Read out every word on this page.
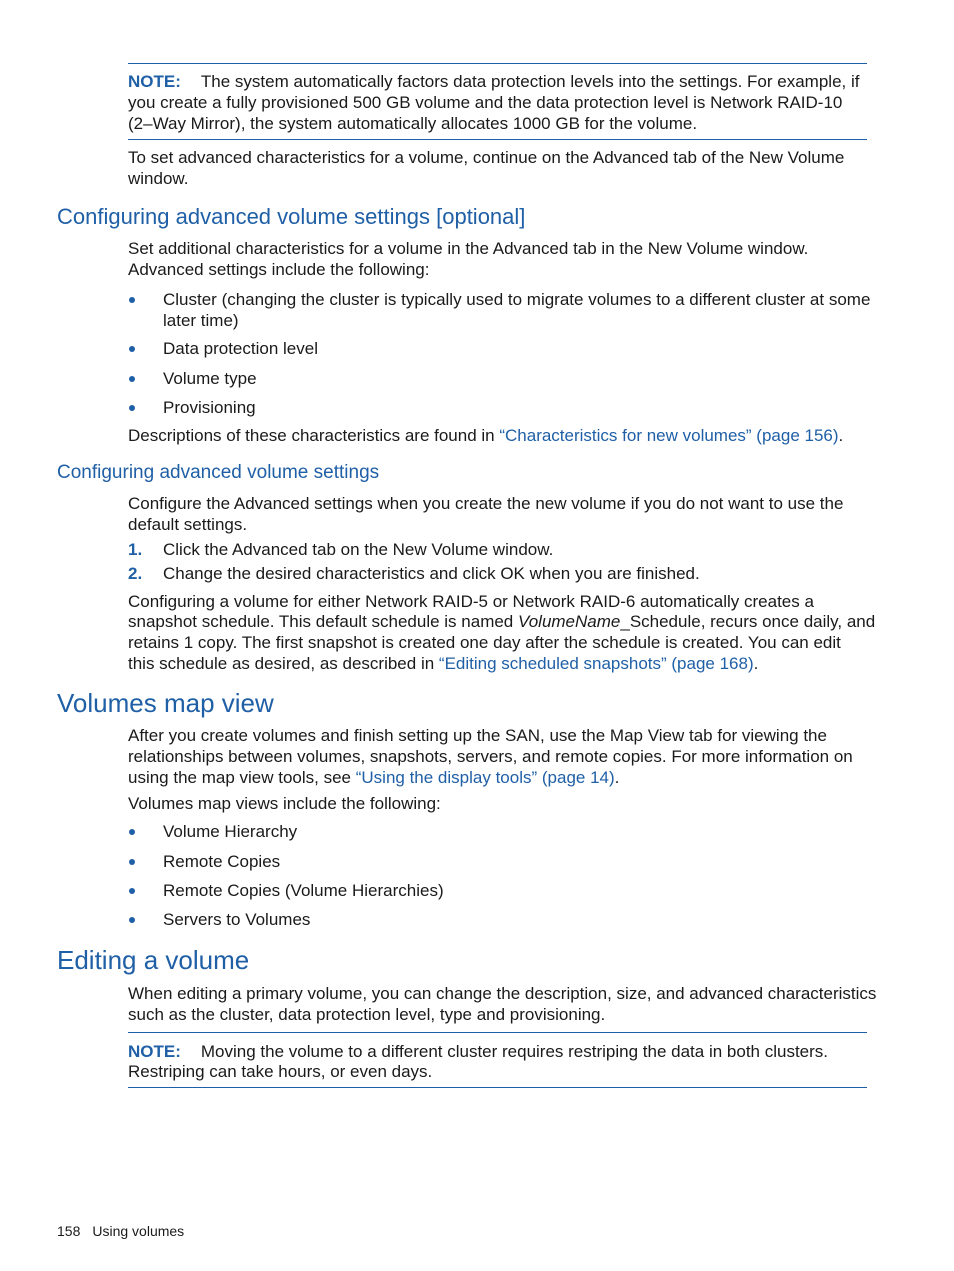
NOTE: The system automatically factors data protection levels into the settings. For example, if
you create a fully provisioned 500 GB volume and the data protection level is Network RAID-10
(2–Way Mirror), the system automatically allocates 1000 GB for the volume.
To set advanced characteristics for a volume, continue on the Advanced tab of the New Volume
window.
Configuring advanced volume settings [optional]
Set additional characteristics for a volume in the Advanced tab in the New Volume window.
Advanced settings include the following:
Cluster (changing the cluster is typically used to migrate volumes to a different cluster at some
later time)
Data protection level
Volume type
Provisioning
Descriptions of these characteristics are found in “Characteristics for new volumes” (page 156).
Configuring advanced volume settings
Configure the Advanced settings when you create the new volume if you do not want to use the
default settings.
1. Click the Advanced tab on the New Volume window.
2. Change the desired characteristics and click OK when you are finished.
Configuring a volume for either Network RAID-5 or Network RAID-6 automatically creates a
snapshot schedule. This default schedule is named VolumeName_Schedule, recurs once daily, and
retains 1 copy. The first snapshot is created one day after the schedule is created. You can edit
this schedule as desired, as described in “Editing scheduled snapshots” (page 168).
Volumes map view
After you create volumes and finish setting up the SAN, use the Map View tab for viewing the
relationships between volumes, snapshots, servers, and remote copies. For more information on
using the map view tools, see “Using the display tools” (page 14).
Volumes map views include the following:
Volume Hierarchy
Remote Copies
Remote Copies (Volume Hierarchies)
Servers to Volumes
Editing a volume
When editing a primary volume, you can change the description, size, and advanced characteristics
such as the cluster, data protection level, type and provisioning.
NOTE: Moving the volume to a different cluster requires restriping the data in both clusters.
Restriping can take hours, or even days.
158 Using volumes
